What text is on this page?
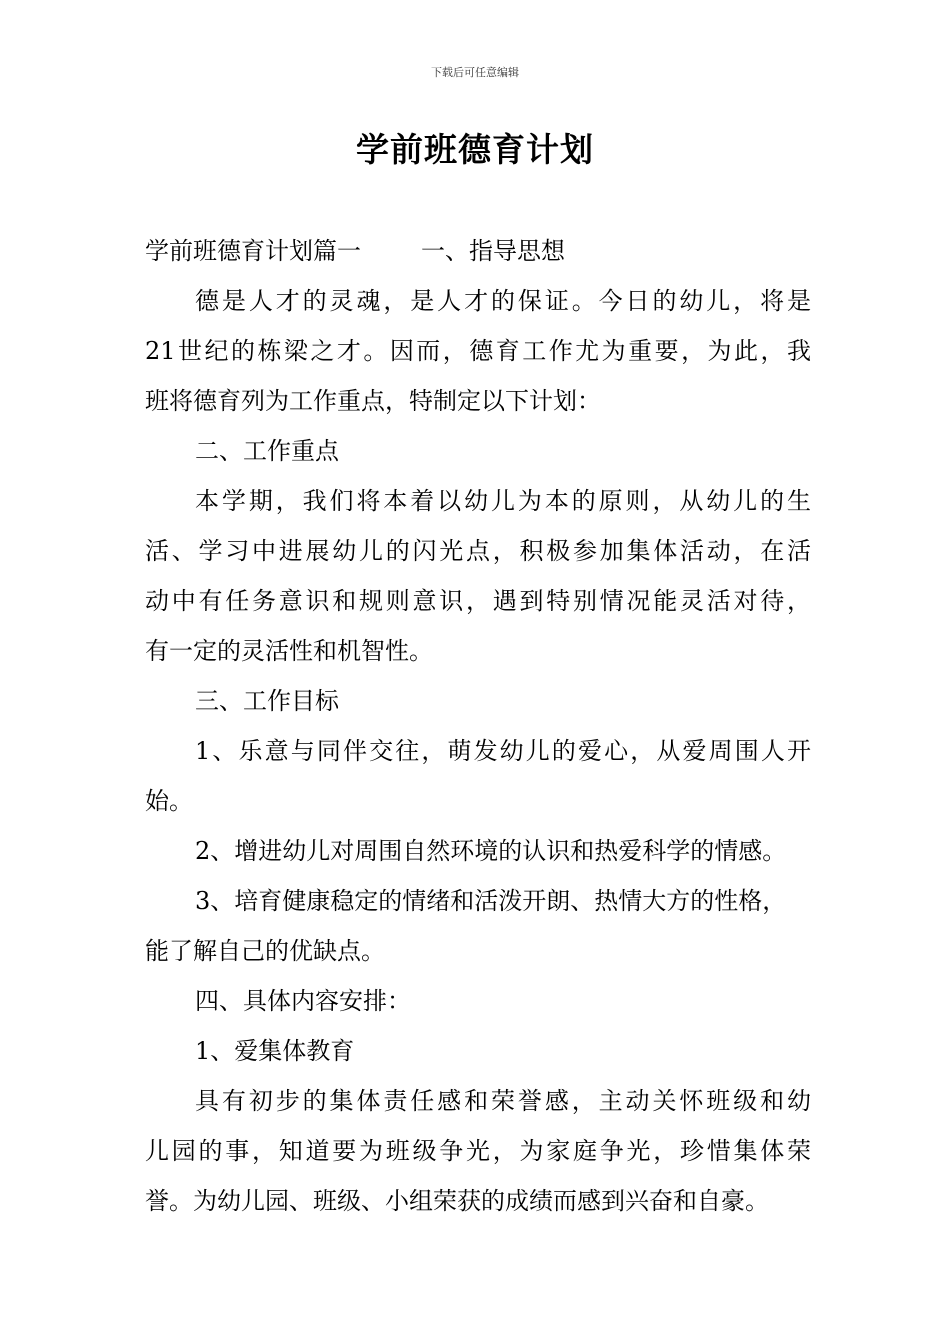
下载后可任意编辑
学前班德育计划
学前班德育计划篇一	一、指导思想
德是人才的灵魂，是人才的保证。今日的幼儿，将是
21世纪的栋梁之才。因而，德育工作尤为重要，为此，我
班将德育列为工作重点，特制定以下计划：
二、工作重点
本学期，我们将本着以幼儿为本的原则，从幼儿的生
活、学习中进展幼儿的闪光点，积极参加集体活动，在活
动中有任务意识和规则意识，遇到特别情况能灵活对待，
有一定的灵活性和机智性。
三、工作目标
1、乐意与同伴交往，萌发幼儿的爱心，从爱周围人开
始。
2、增进幼儿对周围自然环境的认识和热爱科学的情感。
3、培育健康稳定的情绪和活泼开朗、热情大方的性格，
能了解自己的优缺点。
四、具体内容安排：
1、爱集体教育
具有初步的集体责任感和荣誉感，主动关怀班级和幼
儿园的事，知道要为班级争光，为家庭争光，珍惜集体荣
誉。为幼儿园、班级、小组荣获的成绩而感到兴奋和自豪。
